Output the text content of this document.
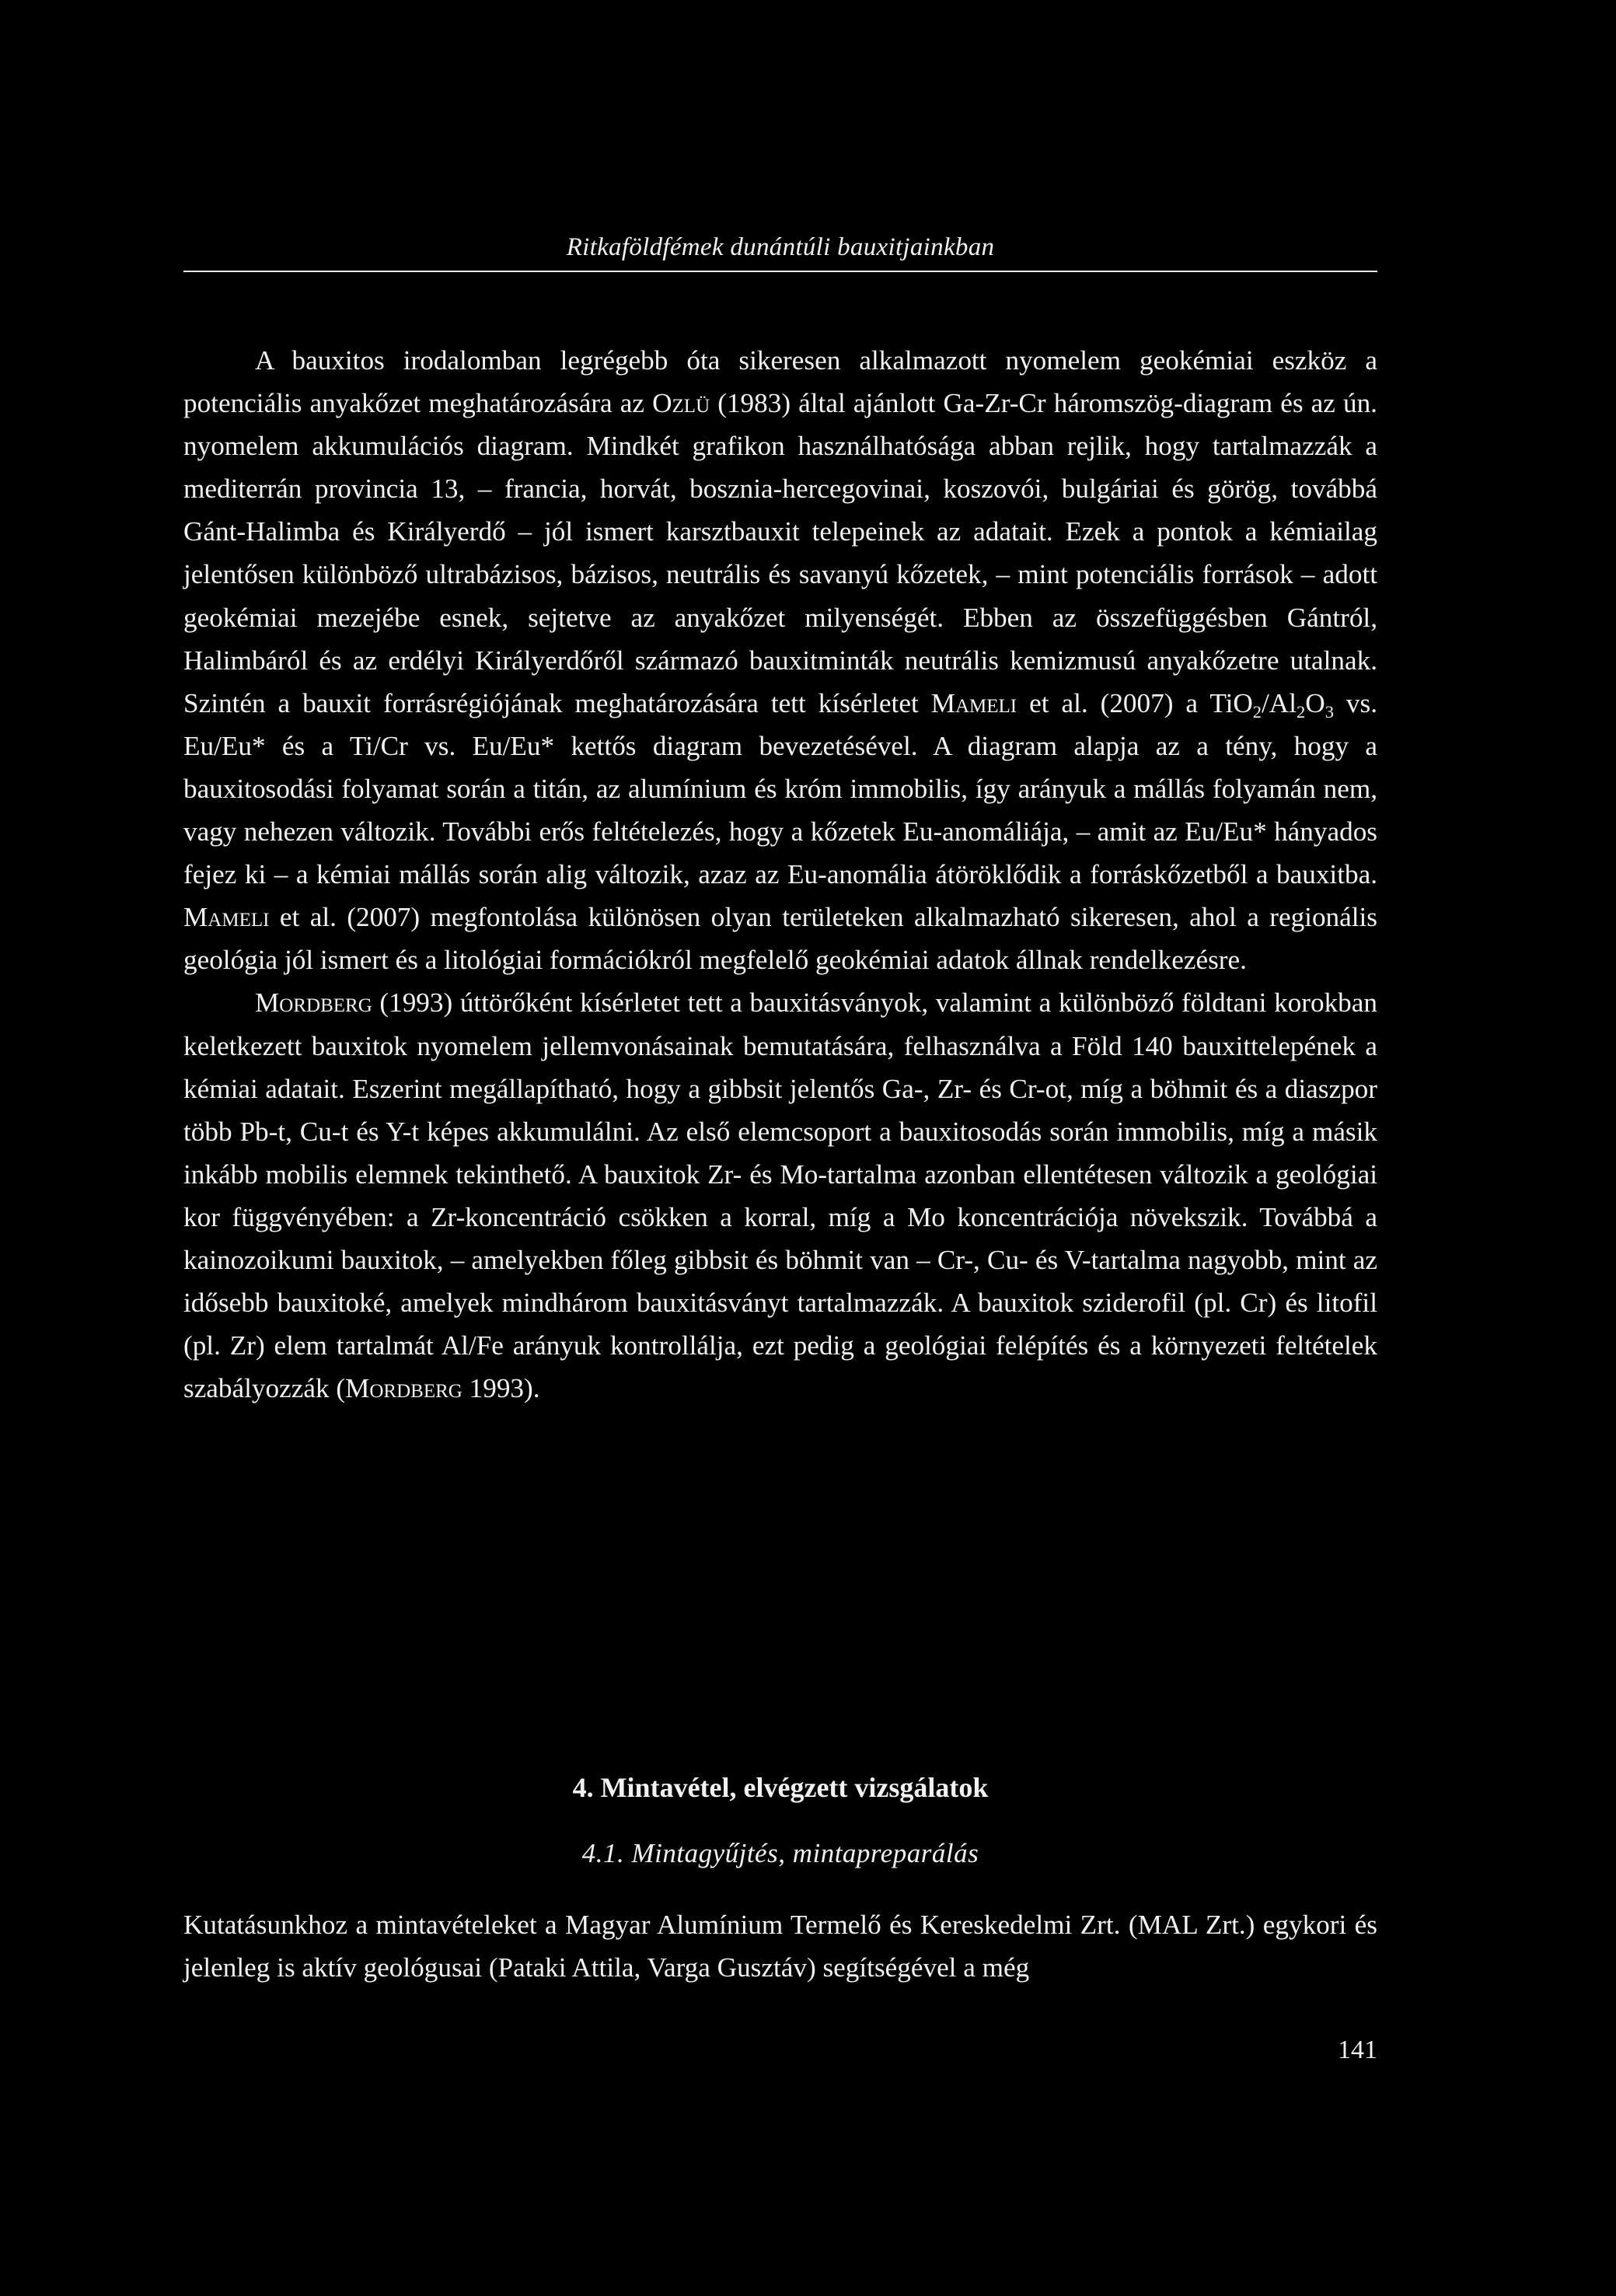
Ritkaföldfémek dunántúli bauxitjainkban

A bauxitos irodalomban legrégebb óta sikeresen alkalmazott nyomelem geokémiai eszköz a potenciális anyakőzet meghatározására az Ozlü (1983) által ajánlott Ga-Zr-Cr háromszög-diagram és az ún. nyomelem akkumulációs diagram. Mindkét grafikon használhatósága abban rejlik, hogy tartalmazzák a mediterrán provincia 13, – francia, horvát, bosznia-hercegovinai, koszovói, bulgáriai és görög, továbbá Gánt-Halimba és Királyerdő – jól ismert karsztbauxit telepeinek az adatait. Ezek a pontok a kémiailag jelentősen különböző ultrabázisos, bázisos, neutrális és savanyú kőzetek, – mint potenciális források – adott geokémiai mezejébe esnek, sejtetve az anyakőzet milyenségét. Ebben az összefüggésben Gántról, Halimbáról és az erdélyi Királyerdőről származó bauxitminták neutrális kemizmusú anyakőzetre utalnak. Szintén a bauxit forrásrégiójának meghatározására tett kísérletet Mameli et al. (2007) a $TiO_2/Al_2O_3$ vs. Eu/Eu* és a Ti/Cr vs. Eu/Eu* kettős diagram bevezetésével. A diagram alapja az a tény, hogy a bauxitosodási folyamat során a titán, az alumínium és króm immobilis, így arányuk a mállás folyamán nem, vagy nehezen változik. További erős feltételezés, hogy a kőzetek Eu-anomáliája, – amit az Eu/Eu* hányados fejez ki – a kémiai mállás során alig változik, azaz az Eu-anomália átöröklődik a forráskőzetből a bauxitba. Mameli et al. (2007) megfontolása különösen olyan területeken alkalmazható sikeresen, ahol a regionális geológia jól ismert és a litológiai formációkról megfelelő geokémiai adatok állnak rendelkezésre.

Mordberg (1993) úttörőként kísérletet tett a bauxitásványok, valamint a különböző földtani korokban keletkezett bauxitok nyomelem jellemvonásainak bemutatására, felhasználva a Föld 140 bauxittelepének a kémiai adatait. Eszerint megállapítható, hogy a gibbsit jelentős Ga-, Zr- és Cr-ot, míg a böhmit és a diaszpor több Pb-t, Cu-t és Y-t képes akkumulálni. Az első elemcsoport a bauxitosodás során immobilis, míg a másik inkább mobilis elemnek tekinthető. A bauxitok Zr- és Mo-tartalma azonban ellentétesen változik a geológiai kor függvényében: a Zr-koncentráció csökken a korral, míg a Mo koncentrációja növekszik. Továbbá a kainozoikumi bauxitok, – amelyekben főleg gibbsit és böhmit van – Cr-, Cu- és V-tartalma nagyobb, mint az idősebb bauxitoké, amelyek mindhárom bauxitásványt tartalmazzák. A bauxitok sziderofil (pl. Cr) és litofil (pl. Zr) elem tartalmát Al/Fe arányuk kontrollálja, ezt pedig a geológiai felépítés és a környezeti feltételek szabályozzák (Mordberg 1993).

4. Mintavétel, elvégzett vizsgálatok
4.1. Mintagyűjtés, mintapreparálás

Kutatásunkhoz a mintavételeket a Magyar Alumínium Termelő és Kereskedelmi Zrt. (MAL Zrt.) egykori és jelenleg is aktív geológusai (Pataki Attila, Varga Gusztáv) segítségével a még

141
